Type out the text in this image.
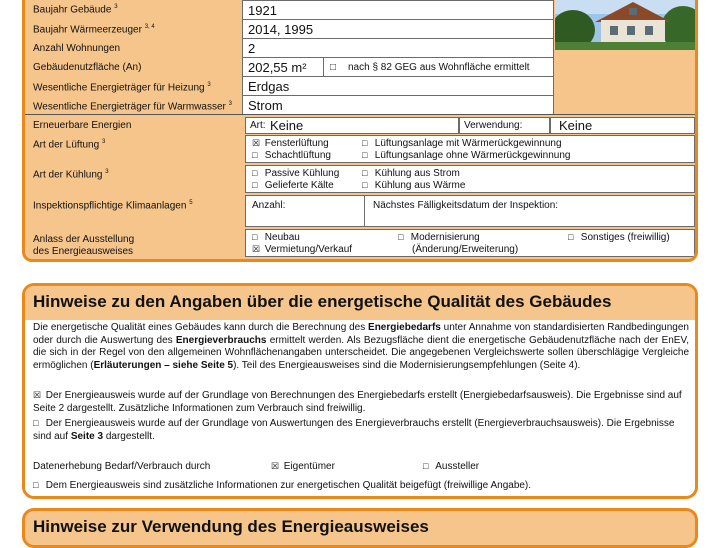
Baujahr Gebäude $^3$	1921
Baujahr Wärmeerzeuger $^{3, 4}$	2014, 1995
Anzahl Wohnungen	2
Gebäudenutzfläche (An)	202,55 m² □ nach § 82 GEG aus Wohnfläche ermittelt
Wesentliche Energieträger für Heizung $^3$	Erdgas
Wesentliche Energieträger für Warmwasser $^3$ Strom
Erneuerbare Energien	Art: Keine	Verwendung:	Keine
Art der Lüftung $^3$	☒ Fensterlüftung
□ Schachtlüftung
□ Lüftungsanlage mit Wärmerückgewinnung
□ Lüftungsanlage ohne Wärmerückgewinnung
Art der Kühlung $^3$	□ Passive Kühlung
□ Gelieferte Kälte
□ Kühlung aus Strom
□ Kühlung aus Wärme
Inspektionspflichtige Klimaanlagen $^5$	Anzahl:	Nächstes Fälligkeitsdatum der Inspektion:
Anlass der Ausstellung
des Energieausweises
□ Neubau
☒ Vermietung/Verkauf
□ Modernisierung
(Änderung/Erweiterung)
□ Sonstiges (freiwillig)
Hinweise zu den Angaben über die energetische Qualität des Gebäudes
Die energetische Qualität eines Gebäudes kann durch die Berechnung des Energiebedarfs unter Annahme von standardisierten Randbedingungen oder durch die Auswertung des Energieverbrauchs ermittelt werden. Als Bezugsfläche dient die energetische Gebäudenutzfläche nach der EnEV, die sich in der Regel von den allgemeinen Wohnflächenangaben unterscheidet. Die angegebenen Vergleichswerte sollen überschlägige Vergleiche ermöglichen (Erläuterungen – siehe Seite 5). Teil des Energieausweises sind die Modernisierungsempfehlungen (Seite 4).
☒ Der Energieausweis wurde auf der Grundlage von Berechnungen des Energiebedarfs erstellt (Energiebedarfsausweis). Die Ergebnisse sind auf Seite 2 dargestellt. Zusätzliche Informationen zum Verbrauch sind freiwillig.
□ Der Energieausweis wurde auf der Grundlage von Auswertungen des Energieverbrauchs erstellt (Energieverbrauchsausweis). Die Ergebnisse sind auf Seite 3 dargestellt.
Datenerhebung Bedarf/Verbrauch durch	☒ Eigentümer	□ Aussteller
□ Dem Energieausweis sind zusätzliche Informationen zur energetischen Qualität beigefügt (freiwillige Angabe).
Hinweise zur Verwendung des Energieausweises
